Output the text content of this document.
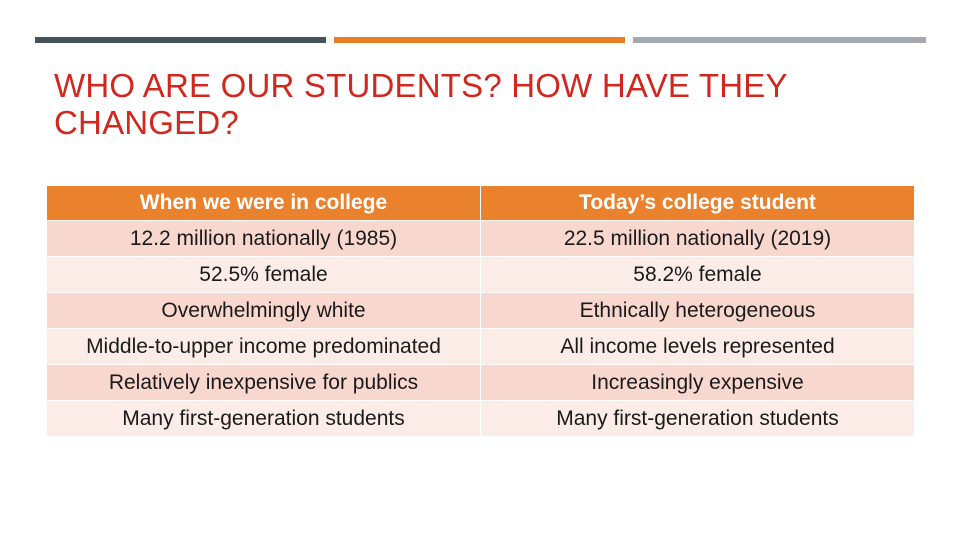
WHO ARE OUR STUDENTS? HOW HAVE THEY CHANGED?
When we were in college	Today’s college student
12.2 million nationally (1985)	22.5 million nationally (2019)
52.5% female	58.2% female
Overwhelmingly white	Ethnically heterogeneous
Middle-to-upper income predominated	All income levels represented
Relatively inexpensive for publics	Increasingly expensive
Many first-generation students	Many first-generation students
